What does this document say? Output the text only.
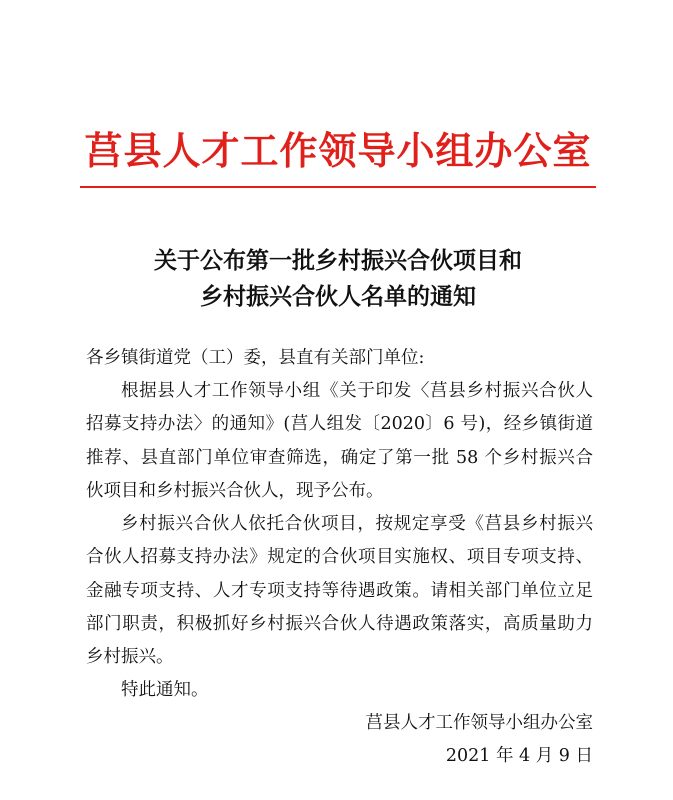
莒县人才工作领导小组办公室
关于公布第一批乡村振兴合伙项目和
乡村振兴合伙人名单的通知
各乡镇街道党（工）委，县直有关部门单位:
根据县人才工作领导小组《关于印发〈莒县乡村振兴合伙人
招募支持办法〉的通知》(莒人组发〔2020〕6 号)，经乡镇街道
推荐、县直部门单位审查筛选，确定了第一批 58 个乡村振兴合
伙项目和乡村振兴合伙人，现予公布。
乡村振兴合伙人依托合伙项目，按规定享受《莒县乡村振兴
合伙人招募支持办法》规定的合伙项目实施权、项目专项支持、
金融专项支持、人才专项支持等待遇政策。请相关部门单位立足
部门职责，积极抓好乡村振兴合伙人待遇政策落实，高质量助力
乡村振兴。
特此通知。
莒县人才工作领导小组办公室
2021 年 4 月 9 日
